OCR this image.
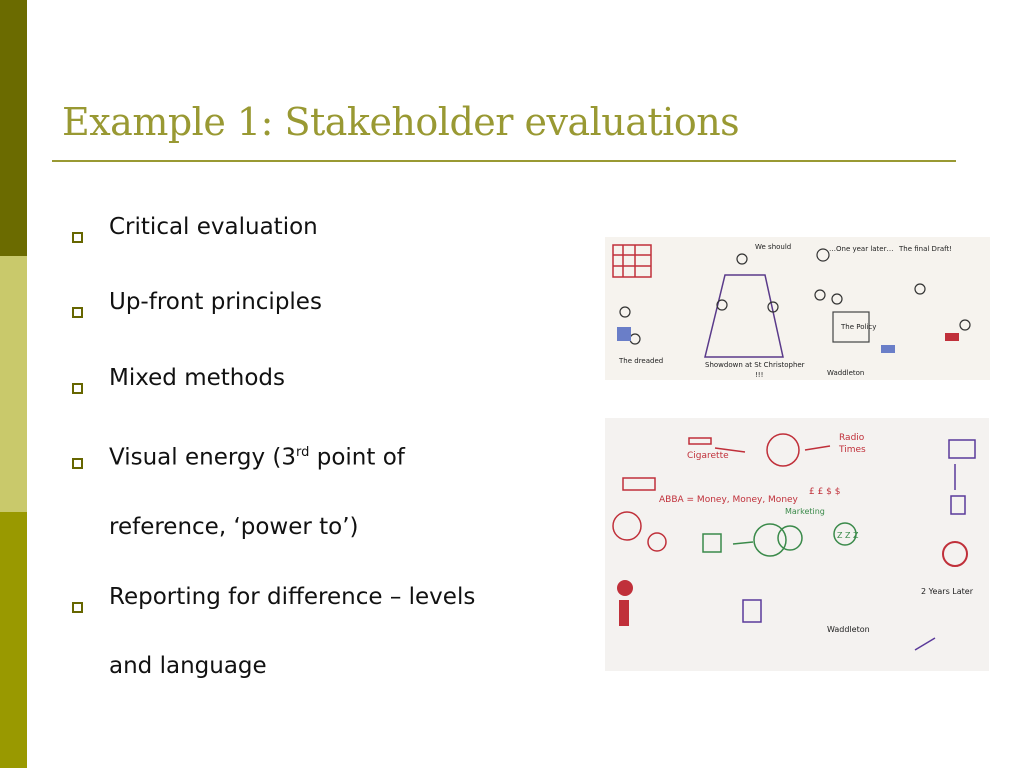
Example 1: Stakeholder evaluations
Critical evaluation
Up-front principles
Mixed methods
Visual energy (3rd point of
reference, ‘power to’)
Reporting for difference – levels
and language
We should	…One year later… The final Draft!
The dreaded	Showdown at St Christopher
The Policy
Waddleton
!!!
Cigarette
Radio
Times
ABBA = Money, Money, Money
£ £ $ $
2 Years Later
Waddleton
Marketing
Z Z Z
